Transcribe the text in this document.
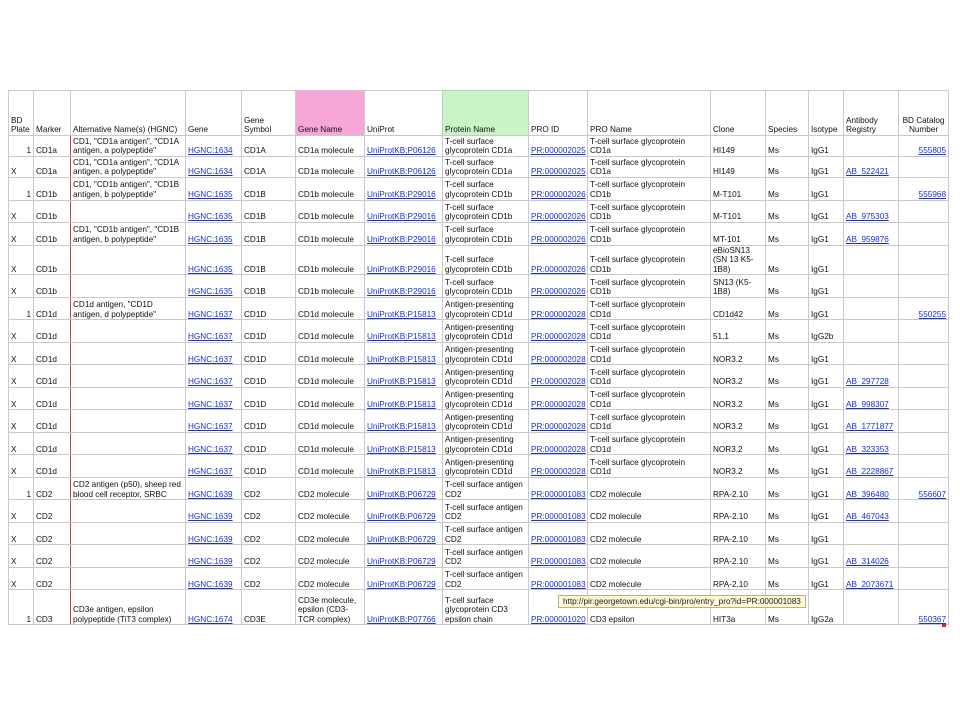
BD Plate	Marker	Alternative Name(s) (HGNC)	Gene	Gene Symbol	Gene Name	UniProt	Protein Name	PRO ID	PRO Name	Clone	Species	Isotype	Antibody Registry	BD Catalog Number
1	CD1a	CD1, "CD1a antigen", "CD1A antigen, a polypeptide"	HGNC:1634	CD1A	CD1a molecule	UniProtKB:P06126	T-cell surface glycoprotein CD1a	PR:000002025	T-cell surface glycoprotein CD1a	HI149	Ms	IgG1		555805
X	CD1a	CD1, "CD1a antigen", "CD1A antigen, a polypeptide"	HGNC:1634	CD1A	CD1a molecule	UniProtKB:P06126	T-cell surface glycoprotein CD1a	PR:000002025	T-cell surface glycoprotein CD1a	HI149	Ms	IgG1	AB_522421	
1	CD1b	CD1, "CD1b antigen", "CD1B antigen, b polypeptide"	HGNC:1635	CD1B	CD1b molecule	UniProtKB:P29016	T-cell surface glycoprotein CD1b	PR:000002026	T-cell surface glycoprotein CD1b	M-T101	Ms	IgG1		555968
X	CD1b		HGNC:1635	CD1B	CD1b molecule	UniProtKB:P29016	T-cell surface glycoprotein CD1b	PR:000002026	T-cell surface glycoprotein CD1b	M-T101	Ms	IgG1	AB_975303	
X	CD1b	CD1, "CD1b antigen", "CD1B antigen, b polypeptide"	HGNC:1635	CD1B	CD1b molecule	UniProtKB:P29016	T-cell surface glycoprotein CD1b	PR:000002026	T-cell surface glycoprotein CD1b	MT-101	Ms	IgG1	AB_959876	
X	CD1b		HGNC:1635	CD1B	CD1b molecule	UniProtKB:P29016	T-cell surface glycoprotein CD1b	PR:000002026	T-cell surface glycoprotein CD1b	eBioSN13 (SN 13 K5-1B8)	Ms	IgG1		
X	CD1b		HGNC:1635	CD1B	CD1b molecule	UniProtKB:P29016	T-cell surface glycoprotein CD1b	PR:000002026	T-cell surface glycoprotein CD1b	SN13 (K5-1B8)	Ms	IgG1		
1	CD1d	CD1d antigen, "CD1D antigen, d polypeptide"	HGNC:1637	CD1D	CD1d molecule	UniProtKB:P15813	Antigen-presenting glycoprotein CD1d	PR:000002028	T-cell surface glycoprotein CD1d	CD1d42	Ms	IgG1		550255
X	CD1d		HGNC:1637	CD1D	CD1d molecule	UniProtKB:P15813	Antigen-presenting glycoprotein CD1d	PR:000002028	T-cell surface glycoprotein CD1d	51.1	Ms	IgG2b		
X	CD1d		HGNC:1637	CD1D	CD1d molecule	UniProtKB:P15813	Antigen-presenting glycoprotein CD1d	PR:000002028	T-cell surface glycoprotein CD1d	NOR3.2	Ms	IgG1		
X	CD1d		HGNC:1637	CD1D	CD1d molecule	UniProtKB:P15813	Antigen-presenting glycoprotein CD1d	PR:000002028	T-cell surface glycoprotein CD1d	NOR3.2	Ms	IgG1	AB_297728	
X	CD1d		HGNC:1637	CD1D	CD1d molecule	UniProtKB:P15813	Antigen-presenting glycoprotein CD1d	PR:000002028	T-cell surface glycoprotein CD1d	NOR3.2	Ms	IgG1	AB_998307	
X	CD1d		HGNC:1637	CD1D	CD1d molecule	UniProtKB:P15813	Antigen-presenting glycoprotein CD1d	PR:000002028	T-cell surface glycoprotein CD1d	NOR3.2	Ms	IgG1	AB_1771877	
X	CD1d		HGNC:1637	CD1D	CD1d molecule	UniProtKB:P15813	Antigen-presenting glycoprotein CD1d	PR:000002028	T-cell surface glycoprotein CD1d	NOR3.2	Ms	IgG1	AB_323353	
X	CD1d		HGNC:1637	CD1D	CD1d molecule	UniProtKB:P15813	Antigen-presenting glycoprotein CD1d	PR:000002028	T-cell surface glycoprotein CD1d	NOR3.2	Ms	IgG1	AB_2228867	
1	CD2	CD2 antigen (p50), sheep red blood cell receptor, SRBC	HGNC:1639	CD2	CD2 molecule	UniProtKB:P06729	T-cell surface antigen CD2	PR:000001083	CD2 molecule	RPA-2.10	Ms	IgG1	AB_396480	556607
X	CD2		HGNC:1639	CD2	CD2 molecule	UniProtKB:P06729	T-cell surface antigen CD2	PR:000001083	CD2 molecule	RPA-2.10	Ms	IgG1	AB_467043	
X	CD2		HGNC:1639	CD2	CD2 molecule	UniProtKB:P06729	T-cell surface antigen CD2	PR:000001083	CD2 molecule	RPA-2.10	Ms	IgG1		
X	CD2		HGNC:1639	CD2	CD2 molecule	UniProtKB:P06729	T-cell surface antigen CD2	PR:000001083	CD2 molecule	RPA-2.10	Ms	IgG1	AB_314026	
X	CD2		HGNC:1639	CD2	CD2 molecule	UniProtKB:P06729	T-cell surface antigen CD2	PR:000001083	CD2 molecule	RPA-2.10	Ms	IgG1	AB_2073671	
1	CD3	CD3e antigen, epsilon polypeptide (TiT3 complex)	HGNC:1674	CD3E	CD3e molecule, epsilon (CD3-TCR complex)	UniProtKB:P07766	T-cell surface glycoprotein CD3 epsilon chain	PR:000001020	CD3 epsilon	HIT3a	Ms	IgG2a		550367
http://pir.georgetown.edu/cgi-bin/pro/entry_pro?id=PR:000001083
